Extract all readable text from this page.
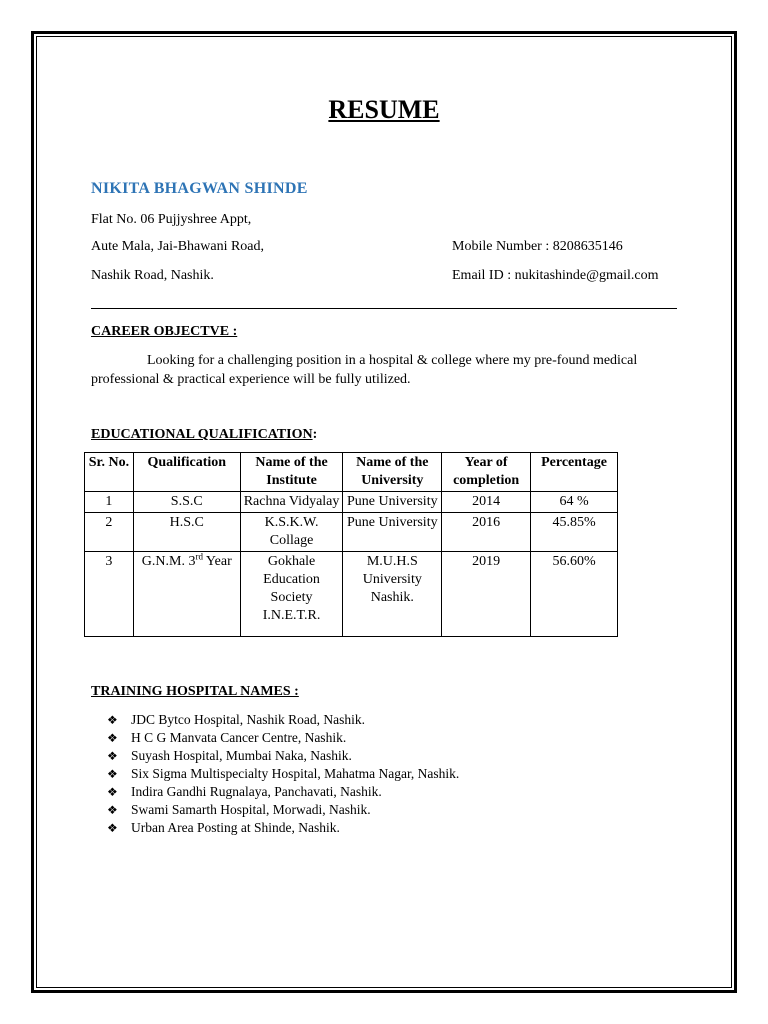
RESUME
NIKITA BHAGWAN SHINDE
Flat No. 06 Pujjyshree Appt,
Aute Mala, Jai-Bhawani Road,
Nashik Road, Nashik.
Mobile Number : 8208635146
Email ID : nukitashinde@gmail.com
CAREER OBJECTVE :
Looking for a challenging position in a hospital & college where my pre-found medical professional & practical experience will be fully utilized.
EDUCATIONAL QUALIFICATION:
Sr. No.	Qualification	Name of the Institute	Name of the University	Year of completion	Percentage
1	S.S.C	Rachna Vidyalay	Pune University	2014	64 %
2	H.S.C	K.S.K.W. Collage	Pune University	2016	45.85%
3	G.N.M. 3rd Year	Gokhale Education Society I.N.E.T.R.	M.U.H.S University Nashik.	2019	56.60%
TRAINING HOSPITAL NAMES :
❖ JDC Bytco Hospital, Nashik Road, Nashik.
❖ H C G Manvata Cancer Centre, Nashik.
❖ Suyash Hospital, Mumbai Naka, Nashik.
❖ Six Sigma Multispecialty Hospital, Mahatma Nagar, Nashik.
❖ Indira Gandhi Rugnalaya, Panchavati, Nashik.
❖ Swami Samarth Hospital, Morwadi, Nashik.
❖ Urban Area Posting at Shinde, Nashik.
